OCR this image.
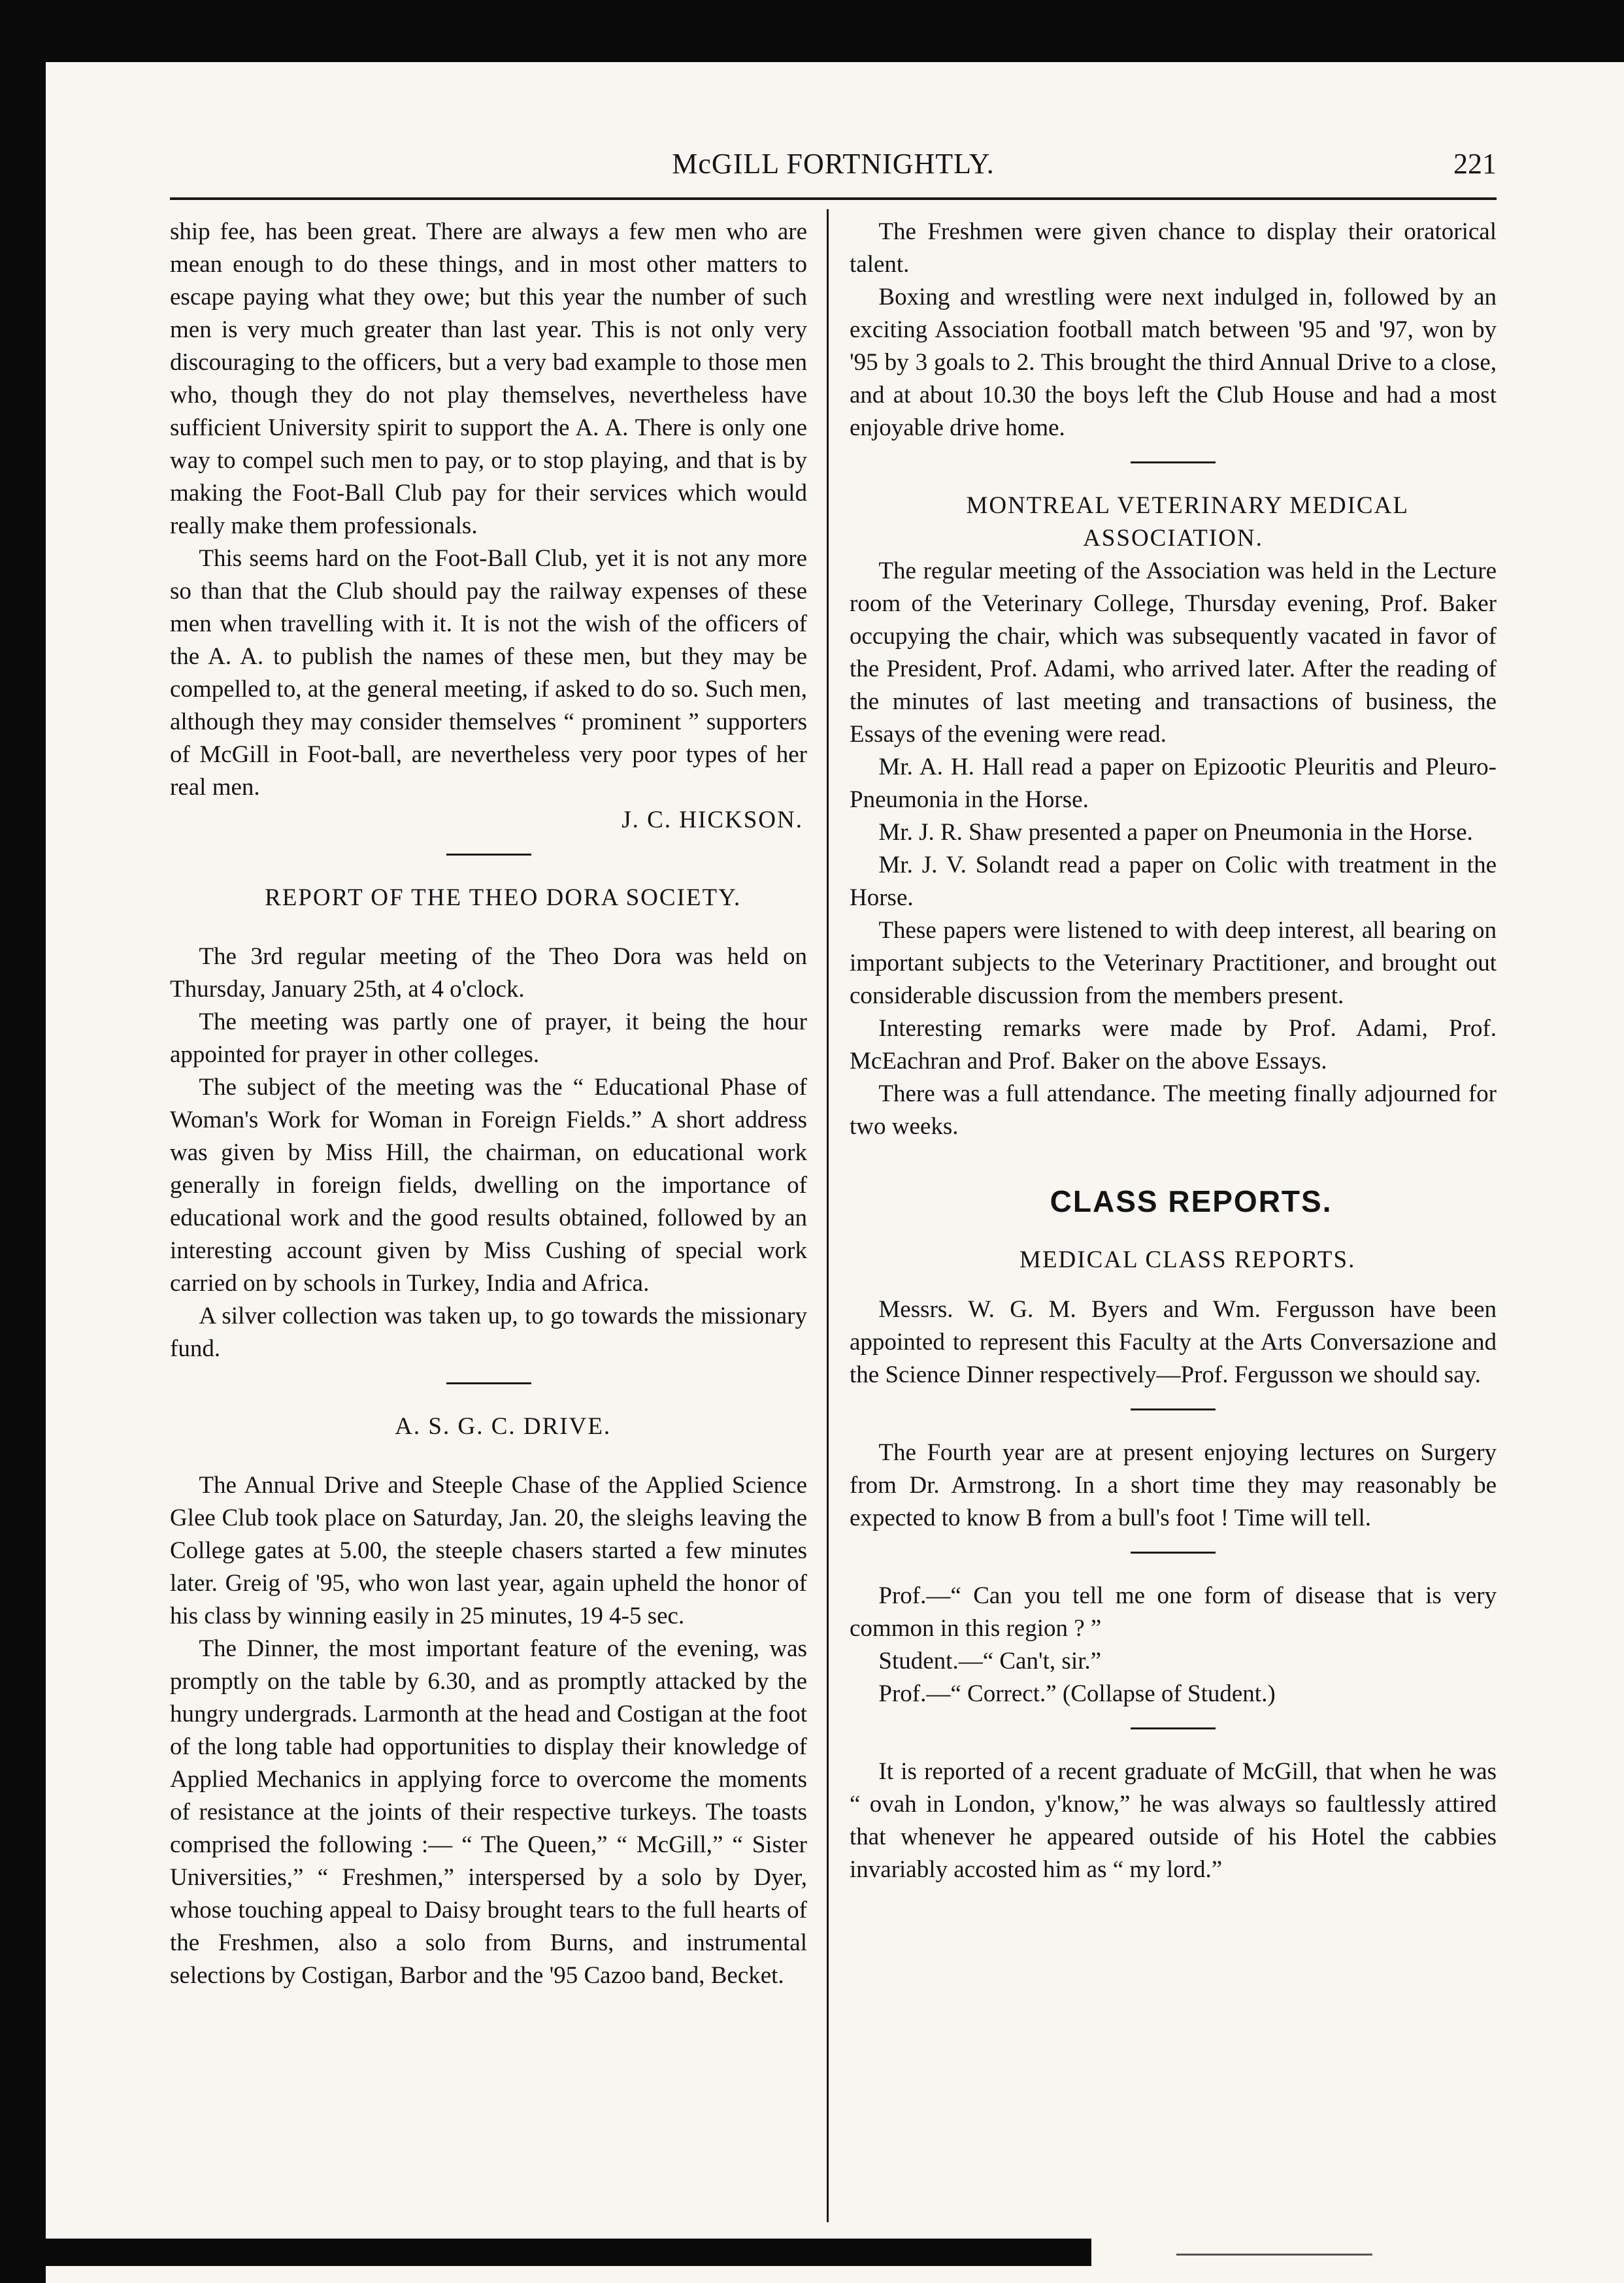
McGILL FORTNIGHTLY.	221

ship fee, has been great. There are always a few men who are mean enough to do these things, and in most other matters to escape paying what they owe; but this year the number of such men is very much greater than last year. This is not only very discouraging to the officers, but a very bad example to those men who, though they do not play themselves, nevertheless have sufficient University spirit to support the A. A. There is only one way to compel such men to pay, or to stop playing, and that is by making the Foot-Ball Club pay for their services which would really make them professionals.

This seems hard on the Foot-Ball Club, yet it is not any more so than that the Club should pay the railway expenses of these men when travelling with it. It is not the wish of the officers of the A. A. to publish the names of these men, but they may be compelled to, at the general meeting, if asked to do so. Such men, although they may consider themselves “ prominent ” supporters of McGill in Foot-ball, are nevertheless very poor types of her real men.

J. C. HICKSON.

REPORT OF THE THEO DORA SOCIETY.

The 3rd regular meeting of the Theo Dora was held on Thursday, January 25th, at 4 o'clock.

The meeting was partly one of prayer, it being the hour appointed for prayer in other colleges.

The subject of the meeting was the “ Educational Phase of Woman's Work for Woman in Foreign Fields.” A short address was given by Miss Hill, the chairman, on educational work generally in foreign fields, dwelling on the importance of educational work and the good results obtained, followed by an interesting account given by Miss Cushing of special work carried on by schools in Turkey, India and Africa.

A silver collection was taken up, to go towards the missionary fund.

A. S. G. C. DRIVE.

The Annual Drive and Steeple Chase of the Applied Science Glee Club took place on Saturday, Jan. 20, the sleighs leaving the College gates at 5.00, the steeple chasers started a few minutes later. Greig of '95, who won last year, again upheld the honor of his class by winning easily in 25 minutes, 19 4-5 sec.

The Dinner, the most important feature of the evening, was promptly on the table by 6.30, and as promptly attacked by the hungry undergrads. Larmonth at the head and Costigan at the foot of the long table had opportunities to display their knowledge of Applied Mechanics in applying force to overcome the moments of resistance at the joints of their respective turkeys. The toasts comprised the following :— “ The Queen,” “ McGill,” “ Sister Universities,” “ Freshmen,” interspersed by a solo by Dyer, whose touching appeal to Daisy brought tears to the full hearts of the Freshmen, also a solo from Burns, and instrumental selections by Costigan, Barbor and the '95 Cazoo band, Becket.

The Freshmen were given chance to display their oratorical talent.

Boxing and wrestling were next indulged in, followed by an exciting Association football match between '95 and '97, won by '95 by 3 goals to 2. This brought the third Annual Drive to a close, and at about 10.30 the boys left the Club House and had a most enjoyable drive home.

MONTREAL VETERINARY MEDICAL ASSOCIATION.

The regular meeting of the Association was held in the Lecture room of the Veterinary College, Thursday evening, Prof. Baker occupying the chair, which was subsequently vacated in favor of the President, Prof. Adami, who arrived later. After the reading of the minutes of last meeting and transactions of business, the Essays of the evening were read.

Mr. A. H. Hall read a paper on Epizootic Pleuritis and Pleuro-Pneumonia in the Horse.

Mr. J. R. Shaw presented a paper on Pneumonia in the Horse.

Mr. J. V. Solandt read a paper on Colic with treatment in the Horse.

These papers were listened to with deep interest, all bearing on important subjects to the Veterinary Practitioner, and brought out considerable discussion from the members present.

Interesting remarks were made by Prof. Adami, Prof. McEachran and Prof. Baker on the above Essays.

There was a full attendance. The meeting finally adjourned for two weeks.

CLASS REPORTS.

MEDICAL CLASS REPORTS.

Messrs. W. G. M. Byers and Wm. Fergusson have been appointed to represent this Faculty at the Arts Conversazione and the Science Dinner respectively—Prof. Fergusson we should say.

The Fourth year are at present enjoying lectures on Surgery from Dr. Armstrong. In a short time they may reasonably be expected to know B from a bull's foot ! Time will tell.

Prof.—“ Can you tell me one form of disease that is very common in this region ? ”

Student.—“ Can't, sir.”

Prof.—“ Correct.” (Collapse of Student.)

It is reported of a recent graduate of McGill, that when he was “ ovah in London, y'know,” he was always so faultlessly attired that whenever he appeared outside of his Hotel the cabbies invariably accosted him as “ my lord.”
